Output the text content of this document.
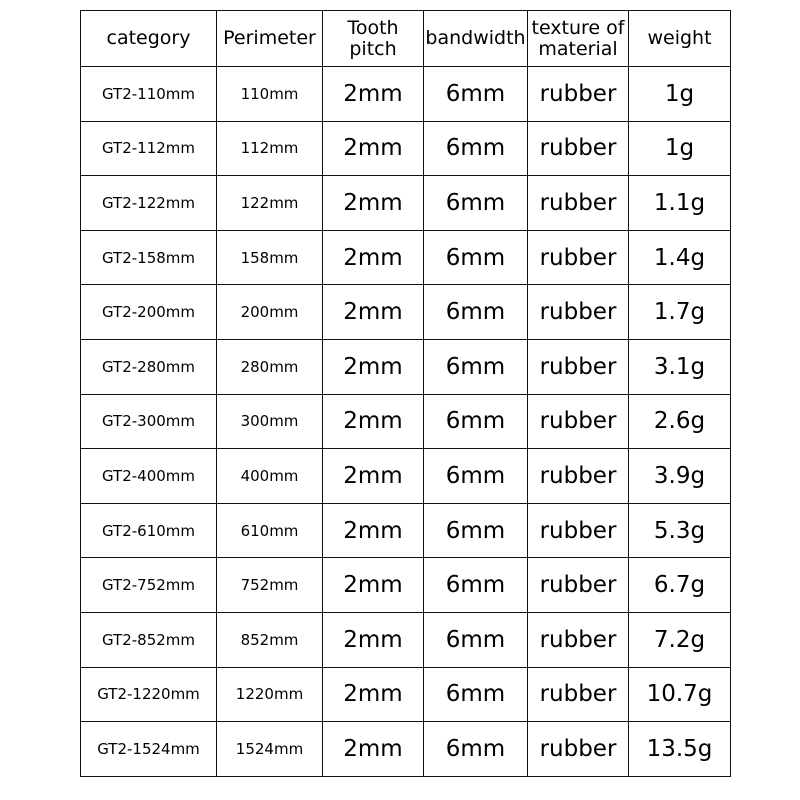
category	Perimeter	Tooth pitch	bandwidth	texture of material	weight
GT2-110mm	110mm	2mm	6mm	rubber	1g
GT2-112mm	112mm	2mm	6mm	rubber	1g
GT2-122mm	122mm	2mm	6mm	rubber	1.1g
GT2-158mm	158mm	2mm	6mm	rubber	1.4g
GT2-200mm	200mm	2mm	6mm	rubber	1.7g
GT2-280mm	280mm	2mm	6mm	rubber	3.1g
GT2-300mm	300mm	2mm	6mm	rubber	2.6g
GT2-400mm	400mm	2mm	6mm	rubber	3.9g
GT2-610mm	610mm	2mm	6mm	rubber	5.3g
GT2-752mm	752mm	2mm	6mm	rubber	6.7g
GT2-852mm	852mm	2mm	6mm	rubber	7.2g
GT2-1220mm	1220mm	2mm	6mm	rubber	10.7g
GT2-1524mm	1524mm	2mm	6mm	rubber	13.5g
